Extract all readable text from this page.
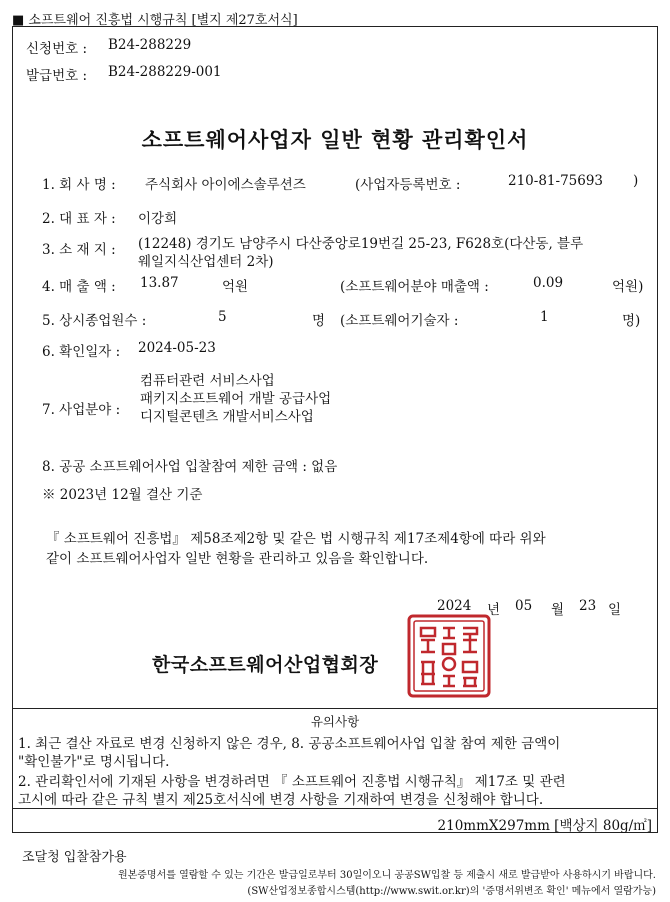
■ 소프트웨어 진흥법 시행규칙 [별지 제27호서식]
신청번호 : B24-288229
발급번호 : B24-288229-001
소프트웨어사업자 일반 현황 관리확인서
1. 회 사 명 : 주식회사 아이에스솔루션즈	(사업자등록번호 :	210-81-75693 )
2. 대 표 자 : 이강희
3. 소 재 지 : (12248) 경기도 남양주시 다산중앙로19번길 25-23, F628호(다산동, 블루
웨일지식산업센터 2차)
4. 매 출 액 : 13.87	억원	(소프트웨어분야 매출액 :	0.09	억원)
5. 상시종업원수 :	5	명 (소프트웨어기술자 :	1	명)
6. 확인일자 : 2024-05-23
7. 사업분야 :
컴퓨터관련 서비스사업
패키지소프트웨어 개발 공급사업
디지털콘텐츠 개발서비스사업
8. 공공 소프트웨어사업 입찰참여 제한 금액 : 없음
※ 2023년 12월 결산 기준
『 소프트웨어 진흥법』 제58조제2항 및 같은 법 시행규칙 제17조제4항에 따라 위와
같이 소프트웨어사업자 일반 현황을 관리하고 있음을 확인합니다.
2024 년 05 월 23 일
한국소프트웨어산업협회장
유의사항
1. 최근 결산 자료로 변경 신청하지 않은 경우, 8. 공공소프트웨어사업 입찰 참여 제한 금액이
"확인불가"로 명시됩니다.
2. 관리확인서에 기재된 사항을 변경하려면 『 소프트웨어 진흥법 시행규칙』 제17조 및 관련
고시에 따라 같은 규칙 별지 제25호서식에 변경 사항을 기재하여 변경을 신청해야 합니다.
210mmX297mm [백상지 80g/㎡]
조달청 입찰참가용
원본증명서를 열람할 수 있는 기간은 발급일로부터 30일이오니 공공SW입찰 등 제출시 새로 발급받아 사용하시기 바랍니다.
(SW산업정보종합시스템(http://www.swit.or.kr)의 '증명서위변조 확인' 메뉴에서 열람가능)
